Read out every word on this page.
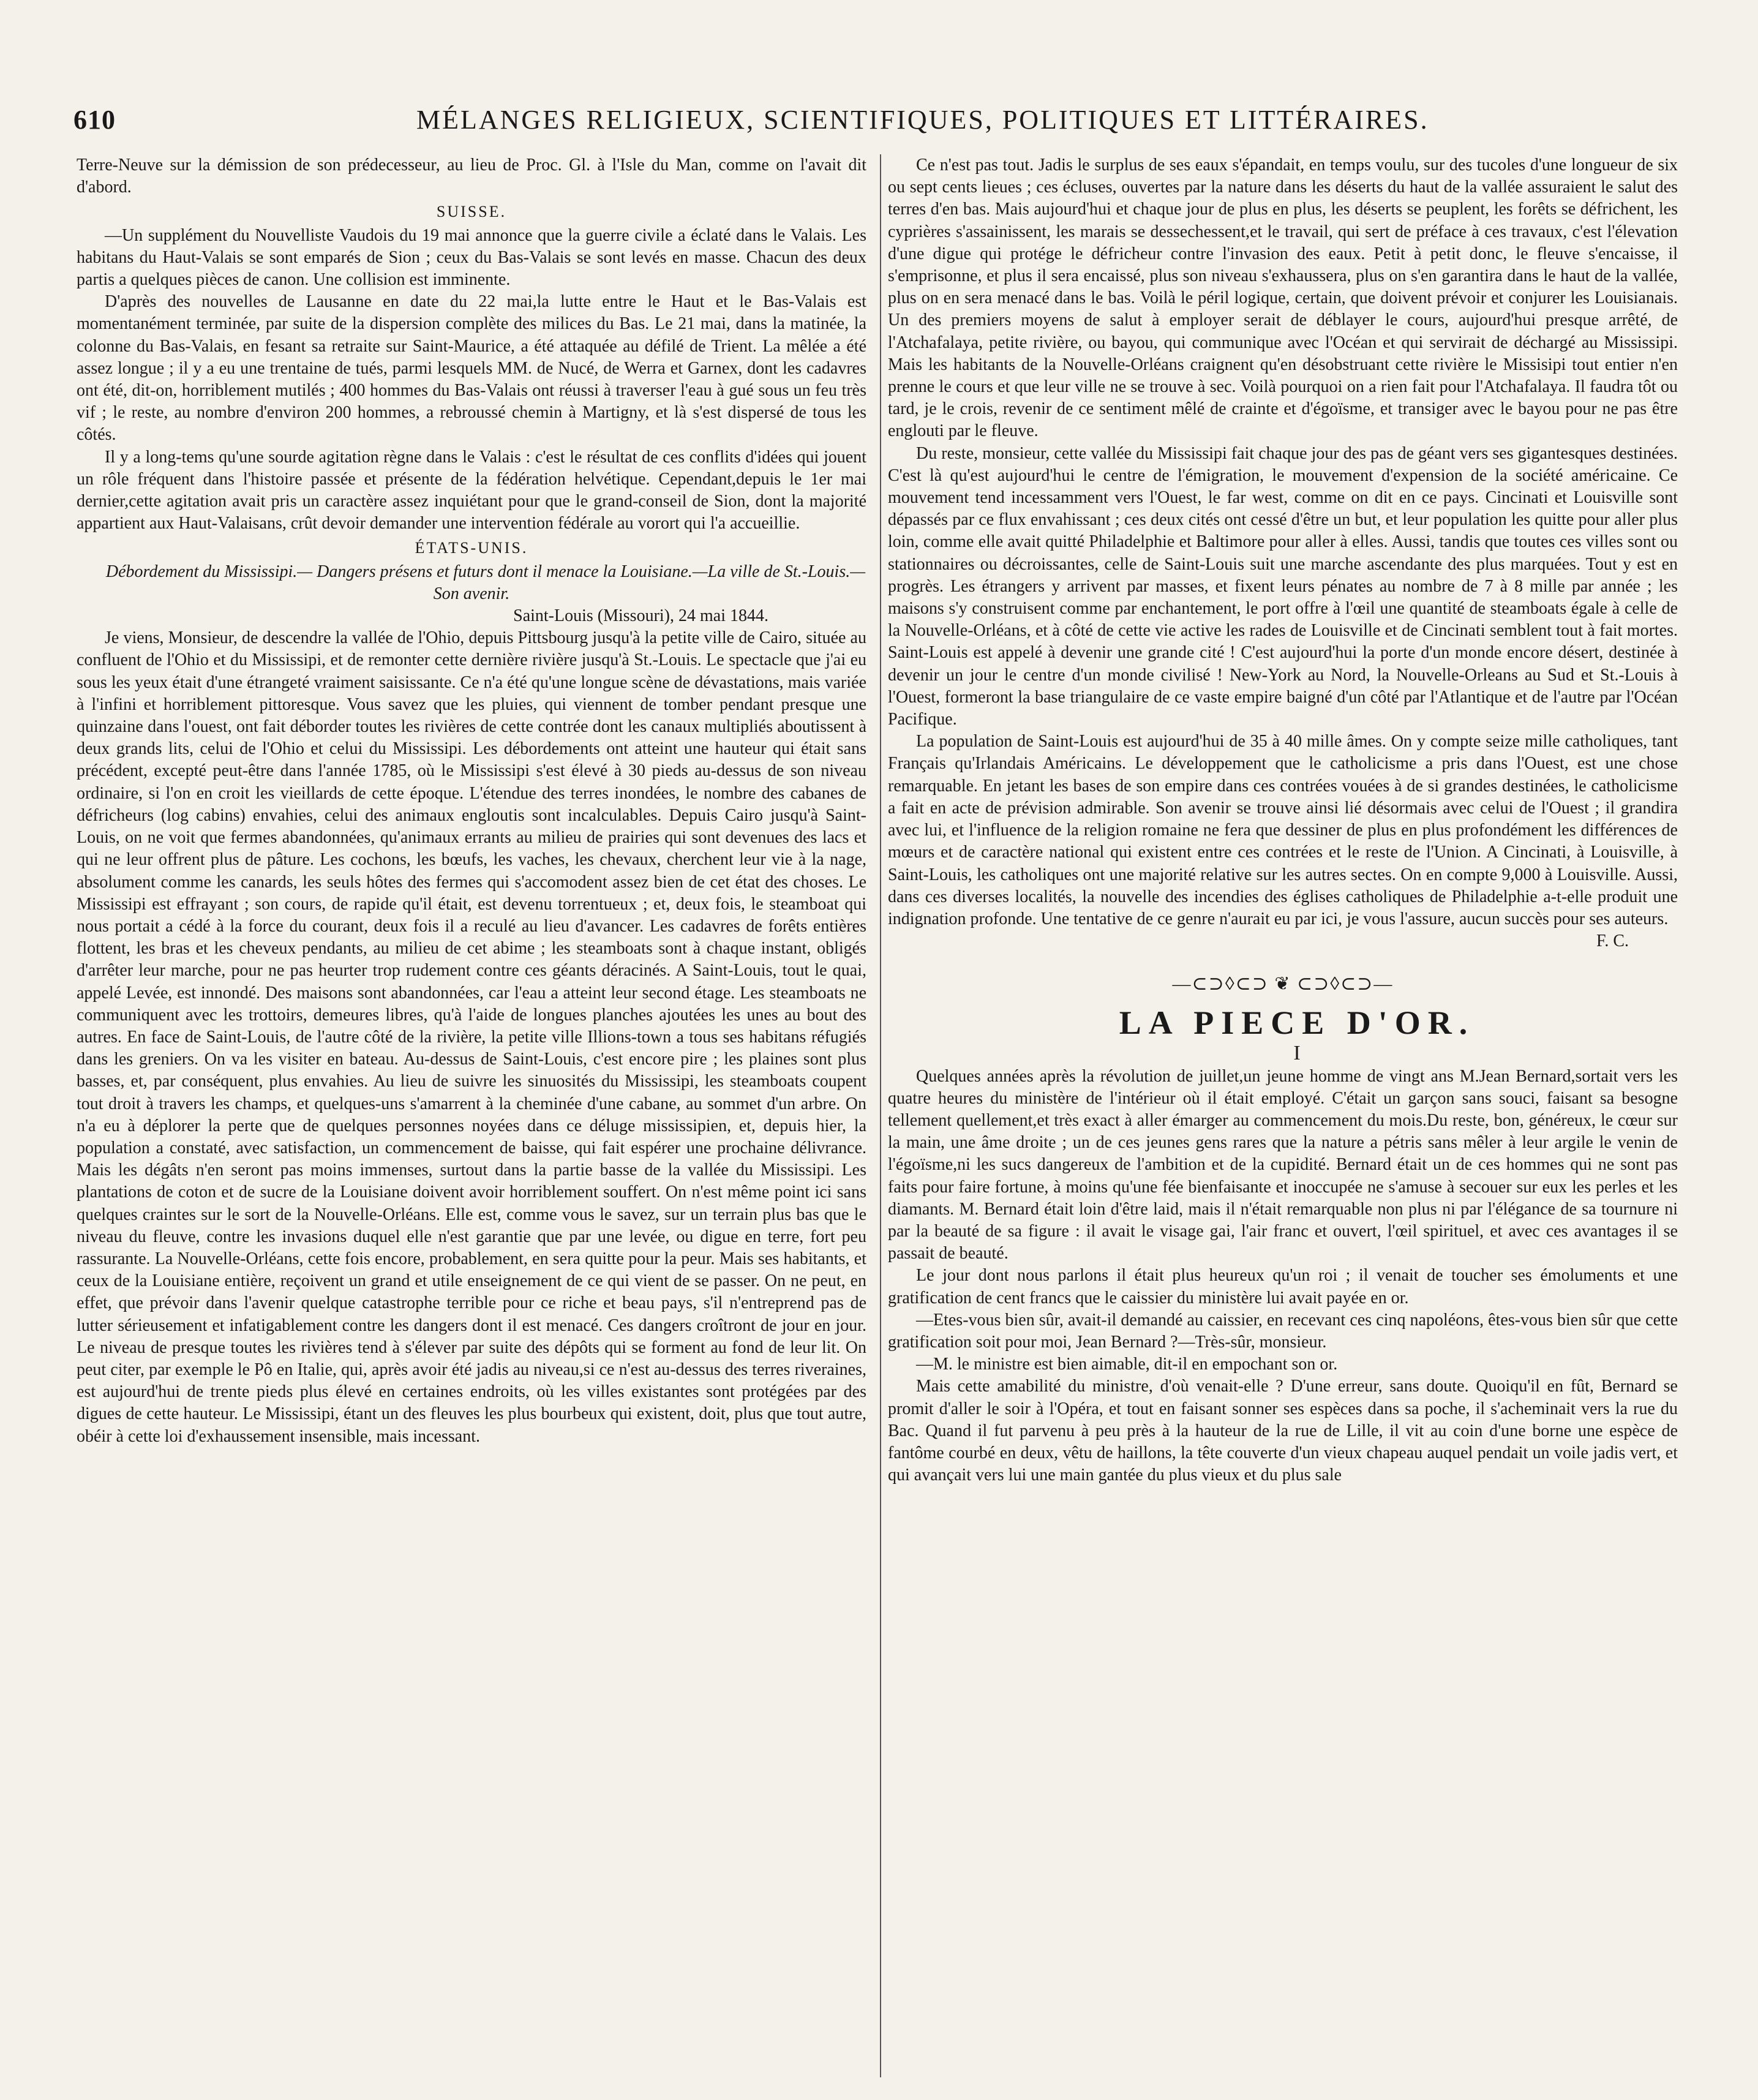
610	MÉLANGES RELIGIEUX, SCIENTIFIQUES, POLITIQUES ET LITTÉRAIRES.

Terre-Neuve sur la démission de son prédecesseur, au lieu de Proc. Gl. à l'Isle du Man, comme on l'avait dit d'abord.

SUISSE.

—Un supplément du Nouvelliste Vaudois du 19 mai annonce que la guerre civile a éclaté dans le Valais. Les habitans du Haut-Valais se sont emparés de Sion ; ceux du Bas-Valais se sont levés en masse. Chacun des deux partis a quelques pièces de canon. Une collision est imminente.

D'après des nouvelles de Lausanne en date du 22 mai,la lutte entre le Haut et le Bas-Valais est momentanément terminée, par suite de la dispersion complète des milices du Bas. Le 21 mai, dans la matinée, la colonne du Bas-Valais, en fesant sa retraite sur Saint-Maurice, a été attaquée au défilé de Trient. La mêlée a été assez longue ; il y a eu une trentaine de tués, parmi lesquels MM. de Nucé, de Werra et Garnex, dont les cadavres ont été, dit-on, horriblement mutilés ; 400 hommes du Bas-Valais ont réussi à traverser l'eau à gué sous un feu très vif ; le reste, au nombre d'environ 200 hommes, a rebroussé chemin à Martigny, et là s'est dispersé de tous les côtés.

Il y a long-tems qu'une sourde agitation règne dans le Valais : c'est le résultat de ces conflits d'idées qui jouent un rôle fréquent dans l'histoire passée et présente de la fédération helvétique. Cependant,depuis le 1er mai dernier,cette agitation avait pris un caractère assez inquiétant pour que le grand-conseil de Sion, dont la majorité appartient aux Haut-Valaisans, crût devoir demander une intervention fédérale au vorort qui l'a accueillie.

ÉTATS-UNIS.

Débordement du Mississipi.— Dangers présens et futurs dont il menace la Louisiane.—La ville de St.-Louis.— Son avenir.

Saint-Louis (Missouri), 24 mai 1844.

Je viens, Monsieur, de descendre la vallée de l'Ohio, depuis Pittsbourg jusqu'à la petite ville de Cairo, située au confluent de l'Ohio et du Mississipi, et de remonter cette dernière rivière jusqu'à St.-Louis. Le spectacle que j'ai eu sous les yeux était d'une étrangeté vraiment saisissante. Ce n'a été qu'une longue scène de dévastations, mais variée à l'infini et horriblement pittoresque. Vous savez que les pluies, qui viennent de tomber pendant presque une quinzaine dans l'ouest, ont fait déborder toutes les rivières de cette contrée dont les canaux multipliés aboutissent à deux grands lits, celui de l'Ohio et celui du Mississipi. Les débordements ont atteint une hauteur qui était sans précédent, excepté peut-être dans l'année 1785, où le Mississipi s'est élevé à 30 pieds au-dessus de son niveau ordinaire, si l'on en croit les vieillards de cette époque. L'étendue des terres inondées, le nombre des cabanes de défricheurs (log cabins) envahies, celui des animaux engloutis sont incalculables. Depuis Cairo jusqu'à Saint-Louis, on ne voit que fermes abandonnées, qu'animaux errants au milieu de prairies qui sont devenues des lacs et qui ne leur offrent plus de pâture. Les cochons, les bœufs, les vaches, les chevaux, cherchent leur vie à la nage, absolument comme les canards, les seuls hôtes des fermes qui s'accomodent assez bien de cet état des choses. Le Mississipi est effrayant ; son cours, de rapide qu'il était, est devenu torrentueux ; et, deux fois, le steamboat qui nous portait a cédé à la force du courant, deux fois il a reculé au lieu d'avancer. Les cadavres de forêts entières flottent, les bras et les cheveux pendants, au milieu de cet abime ; les steamboats sont à chaque instant, obligés d'arrêter leur marche, pour ne pas heurter trop rudement contre ces géants déracinés. A Saint-Louis, tout le quai, appelé Levée, est innondé. Des maisons sont abandonnées, car l'eau a atteint leur second étage. Les steamboats ne communiquent avec les trottoirs, demeures libres, qu'à l'aide de longues planches ajoutées les unes au bout des autres. En face de Saint-Louis, de l'autre côté de la rivière, la petite ville Illions-town a tous ses habitans réfugiés dans les greniers. On va les visiter en bateau. Au-dessus de Saint-Louis, c'est encore pire ; les plaines sont plus basses, et, par conséquent, plus envahies. Au lieu de suivre les sinuosités du Mississipi, les steamboats coupent tout droit à travers les champs, et quelques-uns s'amarrent à la cheminée d'une cabane, au sommet d'un arbre. On n'a eu à déplorer la perte que de quelques personnes noyées dans ce déluge mississipien, et, depuis hier, la population a constaté, avec satisfaction, un commencement de baisse, qui fait espérer une prochaine délivrance. Mais les dégâts n'en seront pas moins immenses, surtout dans la partie basse de la vallée du Mississipi. Les plantations de coton et de sucre de la Louisiane doivent avoir horriblement souffert. On n'est même point ici sans quelques craintes sur le sort de la Nouvelle-Orléans. Elle est, comme vous le savez, sur un terrain plus bas que le niveau du fleuve, contre les invasions duquel elle n'est garantie que par une levée, ou digue en terre, fort peu rassurante. La Nouvelle-Orléans, cette fois encore, probablement, en sera quitte pour la peur. Mais ses habitants, et ceux de la Louisiane entière, reçoivent un grand et utile enseignement de ce qui vient de se passer. On ne peut, en effet, que prévoir dans l'avenir quelque catastrophe terrible pour ce riche et beau pays, s'il n'entreprend pas de lutter sérieusement et infatigablement contre les dangers dont il est menacé. Ces dangers croîtront de jour en jour. Le niveau de presque toutes les rivières tend à s'élever par suite des dépôts qui se forment au fond de leur lit. On peut citer, par exemple le Pô en Italie, qui, après avoir été jadis au niveau,si ce n'est au-dessus des terres riveraines, est aujourd'hui de trente pieds plus élevé en certaines endroits, où les villes existantes sont protégées par des digues de cette hauteur. Le Mississipi, étant un des fleuves les plus bourbeux qui existent, doit, plus que tout autre, obéir à cette loi d'exhaussement insensible, mais incessant.

Ce n'est pas tout. Jadis le surplus de ses eaux s'épandait, en temps voulu, sur des tucoles d'une longueur de six ou sept cents lieues ; ces écluses, ouvertes par la nature dans les déserts du haut de la vallée assuraient le salut des terres d'en bas. Mais aujourd'hui et chaque jour de plus en plus, les déserts se peuplent, les forêts se défrichent, les cyprières s'assainissent, les marais se dessechessent,et le travail, qui sert de préface à ces travaux, c'est l'élevation d'une digue qui protége le défricheur contre l'invasion des eaux. Petit à petit donc, le fleuve s'encaisse, il s'emprisonne, et plus il sera encaissé, plus son niveau s'exhaussera, plus on s'en garantira dans le haut de la vallée, plus on en sera menacé dans le bas. Voilà le péril logique, certain, que doivent prévoir et conjurer les Louisianais. Un des premiers moyens de salut à employer serait de déblayer le cours, aujourd'hui presque arrêté, de l'Atchafalaya, petite rivière, ou bayou, qui communique avec l'Océan et qui servirait de déchargé au Mississipi. Mais les habitants de la Nouvelle-Orléans craignent qu'en désobstruant cette rivière le Missisipi tout entier n'en prenne le cours et que leur ville ne se trouve à sec. Voilà pourquoi on a rien fait pour l'Atchafalaya. Il faudra tôt ou tard, je le crois, revenir de ce sentiment mêlé de crainte et d'égoïsme, et transiger avec le bayou pour ne pas être englouti par le fleuve.

Du reste, monsieur, cette vallée du Mississipi fait chaque jour des pas de géant vers ses gigantesques destinées. C'est là qu'est aujourd'hui le centre de l'émigration, le mouvement d'expension de la société américaine. Ce mouvement tend incessamment vers l'Ouest, le far west, comme on dit en ce pays. Cincinati et Louisville sont dépassés par ce flux envahissant ; ces deux cités ont cessé d'être un but, et leur population les quitte pour aller plus loin, comme elle avait quitté Philadelphie et Baltimore pour aller à elles. Aussi, tandis que toutes ces villes sont ou stationnaires ou décroissantes, celle de Saint-Louis suit une marche ascendante des plus marquées. Tout y est en progrès. Les étrangers y arrivent par masses, et fixent leurs pénates au nombre de 7 à 8 mille par année ; les maisons s'y construisent comme par enchantement, le port offre à l'œil une quantité de steamboats égale à celle de la Nouvelle-Orléans, et à côté de cette vie active les rades de Louisville et de Cincinati semblent tout à fait mortes. Saint-Louis est appelé à devenir une grande cité ! C'est aujourd'hui la porte d'un monde encore désert, destinée à devenir un jour le centre d'un monde civilisé ! New-York au Nord, la Nouvelle-Orleans au Sud et St.-Louis à l'Ouest, formeront la base triangulaire de ce vaste empire baigné d'un côté par l'Atlantique et de l'autre par l'Océan Pacifique.

La population de Saint-Louis est aujourd'hui de 35 à 40 mille âmes. On y compte seize mille catholiques, tant Français qu'Irlandais Américains. Le développement que le catholicisme a pris dans l'Ouest, est une chose remarquable. En jetant les bases de son empire dans ces contrées vouées à de si grandes destinées, le catholicisme a fait en acte de prévision admirable. Son avenir se trouve ainsi lié désormais avec celui de l'Ouest ; il grandira avec lui, et l'influence de la religion romaine ne fera que dessiner de plus en plus profondément les différences de mœurs et de caractère national qui existent entre ces contrées et le reste de l'Union. A Cincinati, à Louisville, à Saint-Louis, les catholiques ont une majorité relative sur les autres sectes. On en compte 9,000 à Louisville. Aussi, dans ces diverses localités, la nouvelle des incendies des églises catholiques de Philadelphie a-t-elle produit une indignation profonde. Une tentative de ce genre n'aurait eu par ici, je vous l'assure, aucun succès pour ses auteurs.

F. C.

—⊂⊃◊⊂⊃ ❦ ⊂⊃◊⊂⊃—

LA PIECE D'OR.

I

Quelques années après la révolution de juillet,un jeune homme de vingt ans M.Jean Bernard,sortait vers les quatre heures du ministère de l'intérieur où il était employé. C'était un garçon sans souci, faisant sa besogne tellement quellement,et très exact à aller émarger au commencement du mois.Du reste, bon, généreux, le cœur sur la main, une âme droite ; un de ces jeunes gens rares que la nature a pétris sans mêler à leur argile le venin de l'égoïsme,ni les sucs dangereux de l'ambition et de la cupidité. Bernard était un de ces hommes qui ne sont pas faits pour faire fortune, à moins qu'une fée bienfaisante et inoccupée ne s'amuse à secouer sur eux les perles et les diamants. M. Bernard était loin d'être laid, mais il n'était remarquable non plus ni par l'élégance de sa tournure ni par la beauté de sa figure : il avait le visage gai, l'air franc et ouvert, l'œil spirituel, et avec ces avantages il se passait de beauté.

Le jour dont nous parlons il était plus heureux qu'un roi ; il venait de toucher ses émoluments et une gratification de cent francs que le caissier du ministère lui avait payée en or.

—Etes-vous bien sûr, avait-il demandé au caissier, en recevant ces cinq napoléons, êtes-vous bien sûr que cette gratification soit pour moi, Jean Bernard ?—Très-sûr, monsieur.

—M. le ministre est bien aimable, dit-il en empochant son or.

Mais cette amabilité du ministre, d'où venait-elle ? D'une erreur, sans doute. Quoiqu'il en fût, Bernard se promit d'aller le soir à l'Opéra, et tout en faisant sonner ses espèces dans sa poche, il s'acheminait vers la rue du Bac. Quand il fut parvenu à peu près à la hauteur de la rue de Lille, il vit au coin d'une borne une espèce de fantôme courbé en deux, vêtu de haillons, la tête couverte d'un vieux chapeau auquel pendait un voile jadis vert, et qui avançait vers lui une main gantée du plus vieux et du plus sale
